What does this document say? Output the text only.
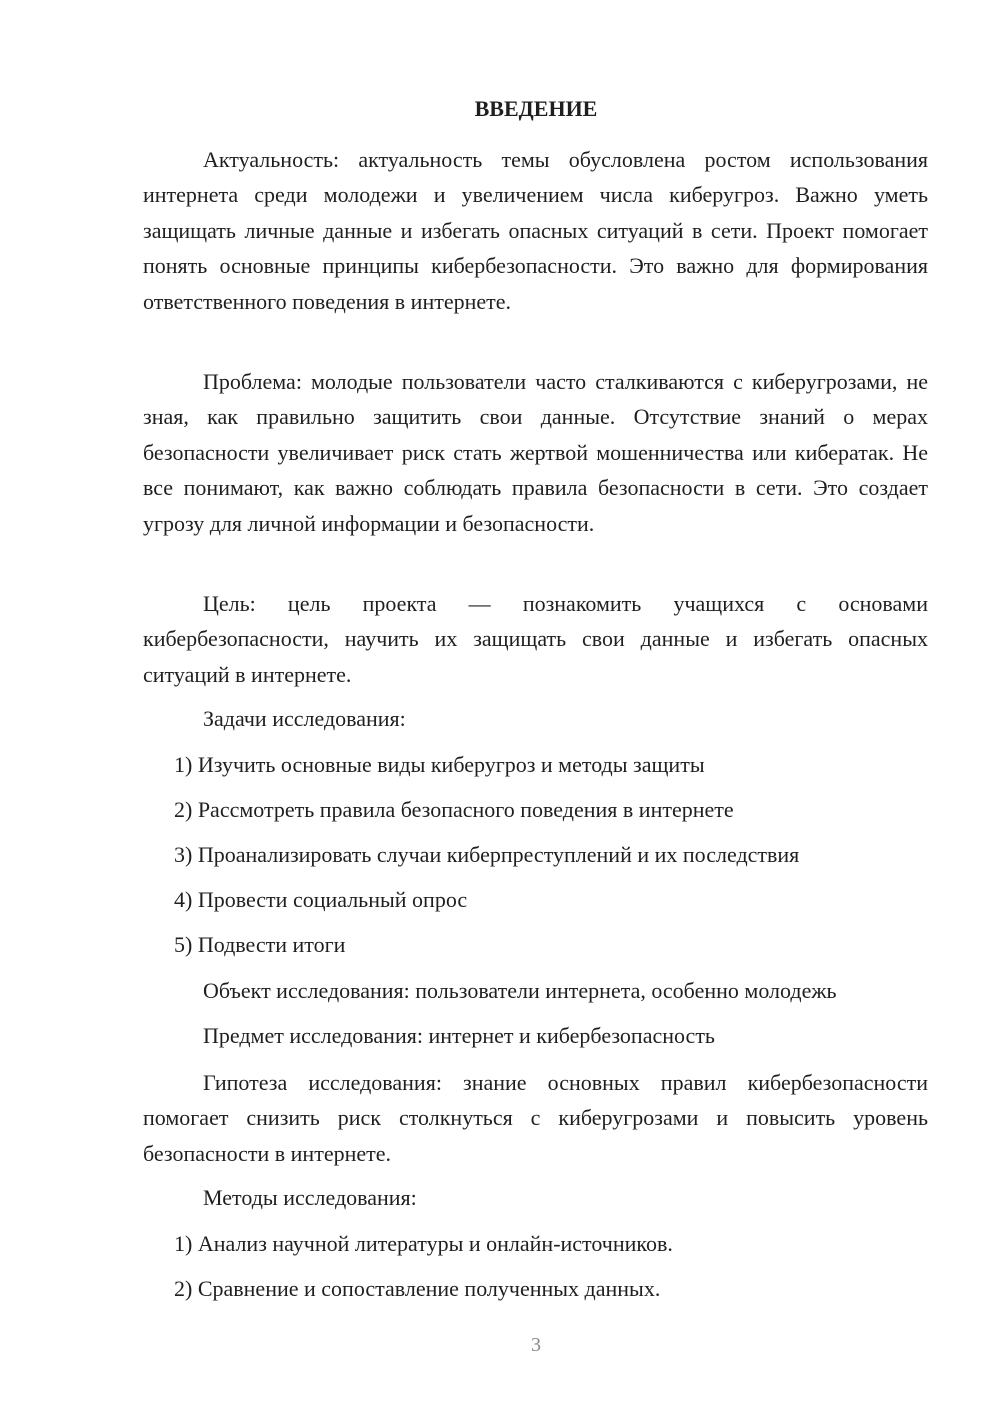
ВВЕДЕНИЕ

Актуальность: актуальность темы обусловлена ростом использования интернета среди молодежи и увеличением числа киберугроз. Важно уметь защищать личные данные и избегать опасных ситуаций в сети. Проект помогает понять основные принципы кибербезопасности. Это важно для формирования ответственного поведения в интернете.

Проблема: молодые пользователи часто сталкиваются с киберугрозами, не зная, как правильно защитить свои данные. Отсутствие знаний о мерах безопасности увеличивает риск стать жертвой мошенничества или кибератак. Не все понимают, как важно соблюдать правила безопасности в сети. Это создает угрозу для личной информации и безопасности.

Цель: цель проекта — познакомить учащихся с основами кибербезопасности, научить их защищать свои данные и избегать опасных ситуаций в интернете.

Задачи исследования:

1) Изучить основные виды киберугроз и методы защиты

2) Рассмотреть правила безопасного поведения в интернете

3) Проанализировать случаи киберпреступлений и их последствия

4) Провести социальный опрос

5) Подвести итоги

Объект исследования: пользователи интернета, особенно молодежь

Предмет исследования: интернет и кибербезопасность

Гипотеза исследования: знание основных правил кибербезопасности помогает снизить риск столкнуться с киберугрозами и повысить уровень безопасности в интернете.

Методы исследования:

1) Анализ научной литературы и онлайн-источников.

2) Сравнение и сопоставление полученных данных.

3
